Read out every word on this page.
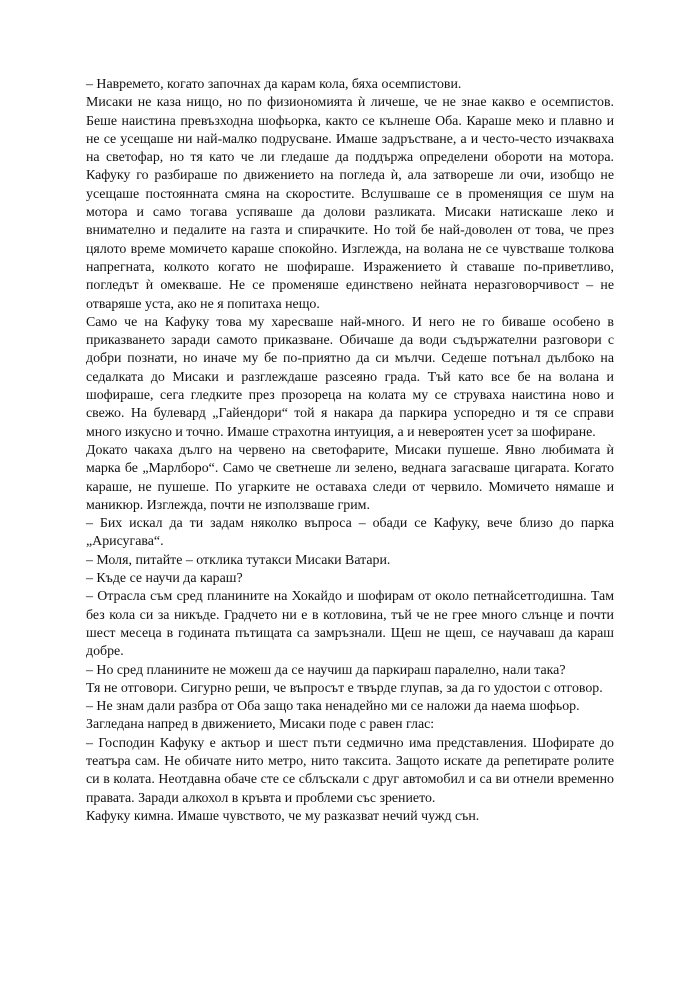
– Навремето, когато започнах да карам кола, бяха осемпистови.

Мисаки не каза нищо, но по физиономията ѝ личеше, че не знае какво е осемпистов. Беше наистина превъзходна шофьорка, както се кълнеше Оба. Караше меко и плавно и не се усещаше ни най-малко подрусване. Имаше задръстване, а и често-често изчакваха на светофар, но тя като че ли гледаше да поддържа определени обороти на мотора. Кафуку го разбираше по движението на погледа ѝ, ала затвореше ли очи, изобщо не усещаше постоянната смяна на скоростите. Вслушваше се в променящия се шум на мотора и само тогава успяваше да долови разликата. Мисаки натискаше леко и внимателно и педалите на газта и спирачките. Но той бе най-доволен от това, че през цялото време момичето караше спокойно. Изглежда, на волана не се чувстваше толкова напрегната, колкото когато не шофираше. Изражението ѝ ставаше по-приветливо, погледът ѝ омекваше. Не се променяше единствено нейната неразговорчивост – не отваряше уста, ако не я попитаха нещо.

Само че на Кафуку това му харесваше най-много. И него не го биваше особено в приказването заради самото приказване. Обичаше да води съдържателни разговори с добри познати, но иначе му бе по-приятно да си мълчи. Седеше потънал дълбоко на седалката до Мисаки и разглеждаше разсеяно града. Тъй като все бе на волана и шофираше, сега гледките през прозореца на колата му се струваха наистина ново и свежо. На булевард „Гайендори“ той я накара да паркира успоредно и тя се справи много изкусно и точно. Имаше страхотна интуиция, а и невероятен усет за шофиране.

Докато чакаха дълго на червено на светофарите, Мисаки пушеше. Явно любимата ѝ марка бе „Марлборо“. Само че светнеше ли зелено, веднага загасваше цигарата. Когато караше, не пушеше. По угарките не оставаха следи от червило. Момичето нямаше и маникюр. Изглежда, почти не използваше грим.

– Бих искал да ти задам няколко въпроса – обади се Кафуку, вече близо до парка „Арисугава“.

– Моля, питайте – отклика тутакси Мисаки Ватари.

– Къде се научи да караш?

– Отрасла съм сред планините на Хокайдо и шофирам от около петнайсетгодишна. Там без кола си за никъде. Градчето ни е в котловина, тъй че не грее много слънце и почти шест месеца в годината пътищата са замръзнали. Щеш не щеш, се научаваш да караш добре.

– Но сред планините не можеш да се научиш да паркираш паралелно, нали така?

Тя не отговори. Сигурно реши, че въпросът е твърде глупав, за да го удостои с отговор.

– Не знам дали разбра от Оба защо така ненадейно ми се наложи да наема шофьор.

Загледана напред в движението, Мисаки поде с равен глас:

– Господин Кафуку е актьор и шест пъти седмично има представления. Шофирате до театъра сам. Не обичате нито метро, нито таксита. Защото искате да репетирате ролите си в колата. Неотдавна обаче сте се сблъскали с друг автомобил и са ви отнели временно правата. Заради алкохол в кръвта и проблеми със зрението.

Кафуку кимна. Имаше чувството, че му разказват нечий чужд сън.
